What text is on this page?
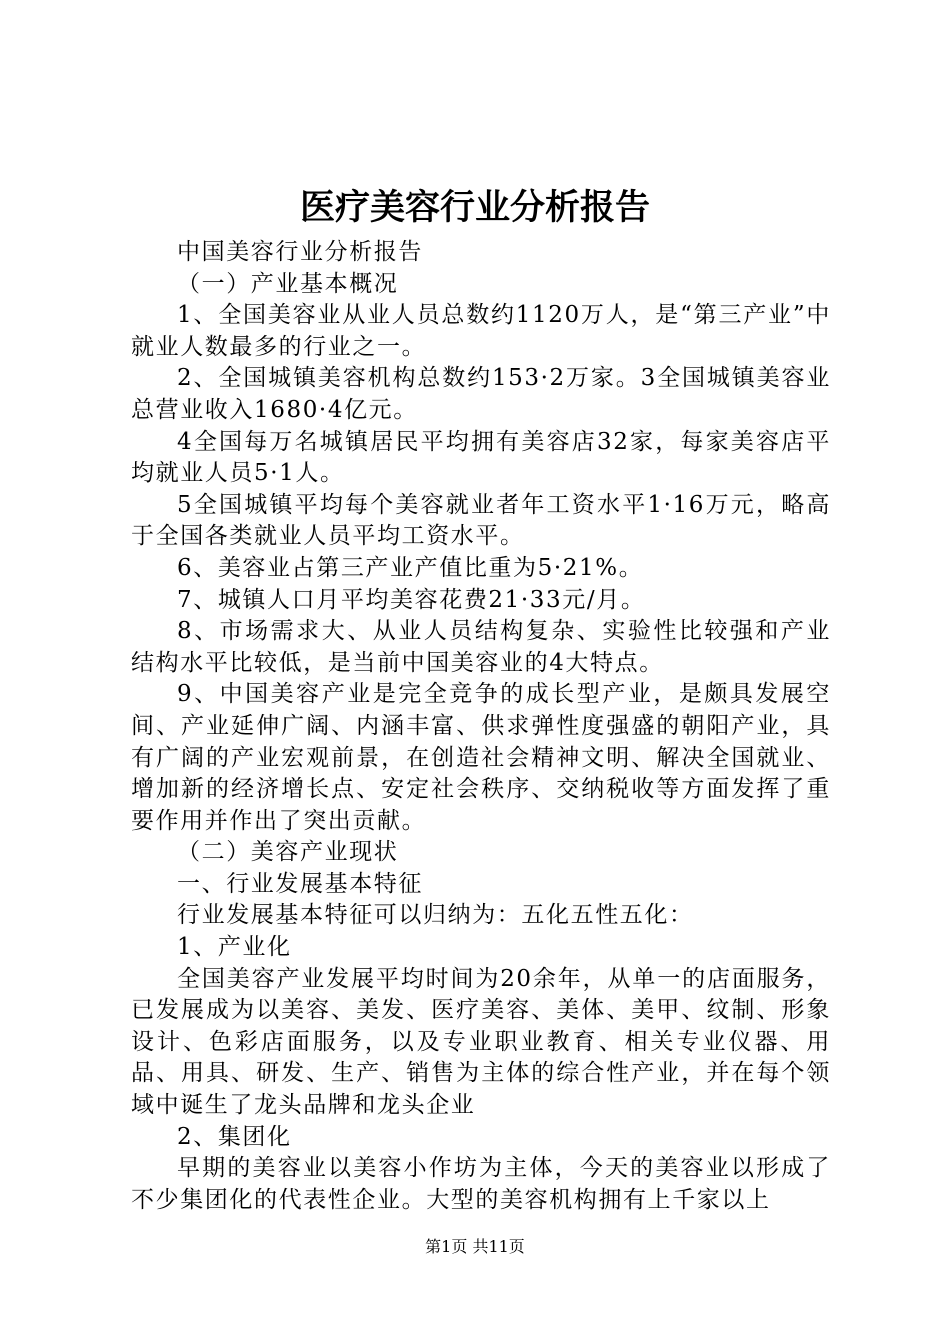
医疗美容行业分析报告

中国美容行业分析报告

（一）产业基本概况

1、全国美容业从业人员总数约1120万人，是“第三产业”中就业人数最多的行业之一。

2、全国城镇美容机构总数约153·2万家。3全国城镇美容业总营业收入1680·4亿元。

4全国每万名城镇居民平均拥有美容店32家，每家美容店平均就业人员5·1人。

5全国城镇平均每个美容就业者年工资水平1·16万元，略高于全国各类就业人员平均工资水平。

6、美容业占第三产业产值比重为5·21%。

7、城镇人口月平均美容花费21·33元/月。

8、市场需求大、从业人员结构复杂、实验性比较强和产业结构水平比较低，是当前中国美容业的4大特点。

9、中国美容产业是完全竞争的成长型产业，是颇具发展空间、产业延伸广阔、内涵丰富、供求弹性度强盛的朝阳产业，具有广阔的产业宏观前景，在创造社会精神文明、解决全国就业、增加新的经济增长点、安定社会秩序、交纳税收等方面发挥了重要作用并作出了突出贡献。

（二）美容产业现状

一、行业发展基本特征

行业发展基本特征可以归纳为：五化五性五化：

1、产业化

全国美容产业发展平均时间为20余年，从单一的店面服务，已发展成为以美容、美发、医疗美容、美体、美甲、纹制、形象设计、色彩店面服务，以及专业职业教育、相关专业仪器、用品、用具、研发、生产、销售为主体的综合性产业，并在每个领域中诞生了龙头品牌和龙头企业

2、集团化

早期的美容业以美容小作坊为主体，今天的美容业以形成了不少集团化的代表性企业。大型的美容机构拥有上千家以上

第1页 共11页
